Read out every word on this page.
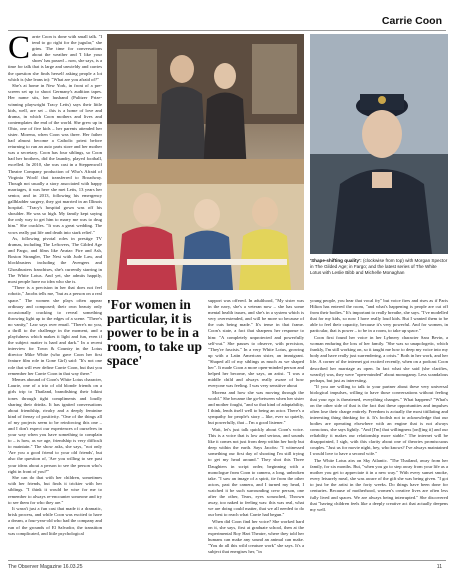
Carrie Coon
C arrie Coon is done with small talk. "I tend to go right for the jugular," she grins. The time for conversations about the weather and 'I like your shoes' has passed – now, she says, is a time for talk that is large and unwieldy and carries the question she finds herself asking people a lot which is (she leans in): "What are you afraid of?"

She's at home in New York, in front of a pre-screen set up to shoot Germany's audition tapes. Her name sits, her husband (Pulitzer Prize-winning playwright Tracy Letts) says their little kids, well, are set – this is a home of love and drama, in which Coon mothers and lives and contemplates the end of the world. She grew up in Ohio, one of five kids – her parents attended her sister. Morena, when Coon was three. Her father had almost become a Catholic priest before returning to run an auto parts store and her mother was a secretary. Coon has four siblings, so Coon had her brothers, did the laundry, played football, excelled. In 2010, she was cast in a Steppenwolf Theatre Company production of Who's Afraid of Virginia Woolf that transferred to Broadway. Though not usually a story associated with happy marriages, it was here she met Letts, 13 years her senior, and in 2013, following his emergency gallbladder surgery, they got married in an Illinois hospital. "Tracy's hospital gown was off his shoulder. He was so high. My family kept saying the only way to get him to marry me was to drug him." She crackles. "It was a great wedding. The vows really put life and death into stark relief."

As, following pivotal roles in prestige TV dramas, including The Leftovers, The Gilded Age and Fargo, and films like Avatar: Fire and Ash, Boston Strangler, The Nest with Jude Law, and blockbusters including the Avengers and Ghostbusters franchises, she's currently starring in The White Lotus. And yet, she admits happily, most people have no idea who she is.

"There is a precision in her that does not feel robotic," Jacobs tells me, "but as a person on a real space." The women she plays often appear ordinary and composed; their own beauty only occasionally cracking to reveal something throwing light up to the edges of a scene. "There's no vanity," Law says over email. "There's no you, a thrill to the challenge in the moment, and a playfulness which makes it light and fun, even if the subject matter is hard and dark." In a recent interview for Town & Country in the Lotus director Mike White (who gave Coon her first feature film role in Gone Girl) said: "It's not one role that will ever define Carrie Coon, but that you remember her Carrie Coon in that way there."

Memes abound of Coon's White Lotus character, Laurie, one of a trio of old blonde friends on a girls trip to Thailand, brandishing their bikini tones through tight compliments and loudly sharing their drinks. It has ignited conversations about friendship, rivalry and a deeply feminine kind of frenzy of positivity. "One of the things all of my projects seem to be reinforcing this one – and I don't expect our experiences of ourselves in your way when you have something to complain to – is how, as we age, friendship is very difficult to maintain." The show asks, she says, "not only 'Are you a good friend to your old friends', but also the question of, 'Are you willing to see past your ideas about a person to see the person who's right in front of you?'"

She can do that with her children, sometimes with her friends, but finds it trickier with her siblings. "I think it would be wise for me to remember to always re-encounter someone and try to see them for who they are."

It wasn't just a fun cast that made it a dramatic, brisk process, and while Coon was excited to have a dream, a four-year-old who had the company and run of the grounds of El Salvador, the transition was complicated, and little psychological

'Shape-shifting quality': (clockwise from top) with Morgan Spector in The Gilded Age; in Fargo; and the latest series of The White Lotus with Leslie Bibb and Michelle Monaghan
'For women in particular, it is power to be in a room, to take up space'

support was offered. In adulthood, "My sister was in the navy, she's a veteran now – she has some mental health issues, and she's in a system which is very overextended, and will be more so because of the cuts being made." It's tense in that frame. Coon's state, a fact that sharpens her response to him: "A completely unprotected and powerfully self-out." She pauses to observe, with precision, "They're fascists." In a very White Lotus, growing up with a Latin American sister, an immigrant. "Shaped all of my siblings as much as we shaped her". It made Coon a more open-minded person and helped her become, she says, an artist. "I was a middle child and always really aware of how everyone was feeling. I was very sensitive about

Morena and how she was moving through the world." She became the go-between when her sister and mother fought, "and so that kind of adaptability, I think, lends itself well to being an actor. There's a sympathy for people's story – like, ever so quietly, but powerfully, that – I'm a good listener."

Wait, let's just talk quickly about Coon's voice. This is a voice that is low and serious, and sounds like it comes not just from deep within her body but deep within the earth. Says Jacobs: "I witnessed something our first day of shooting I'm still trying to get my head around." They shot this Three Daughters in script order, beginning with a monologue from Coon to camera, a long, unbroken take. "I saw an image of a spirit, tie from the other actors, past the camera, and I turned my head, I watched it be such surrounding crew person, one after the other, Tears, eyes scrunched, Thrown away, too naked to feeling was: this was real, what we are doing could matter, that we all needed to do our best to reach what Carrie had begun."

When did Coon find her voice? She worked hard on it, she says, first at graduate school, then at the experimental Roy Hart Theatre, where they told her humans can make any sound an animal can make. "You do all this wild creature work" she says. It's a subject that energises her, "in

young people, you hear that vocal fry" but voice fires and rises as if Paris Hilton has entered the room, "and what's happening is people are cut off from their bodies." It's important to really breathe, she says. "I've modelled that for my kids, so now I have really loud kids. But I wanted them to be able to feel their capacity, because it's very powerful. And for women, in particular, that is power – to be in a room, to take up space."

Coon first found her voice in her Lybnery character Sara Bevin, a woman enduring the loss of her family. "She was so unapologetic, which frankly, I'm still working on, so it taught me how to deep my voice into my body and have really just surrendering, a crisis." Both in her work, and her life. A corner of the internet got excited recently, when on a podcast Coon described her marriage as open. In fact what she said (she clarifies, wearily) was, they were "open-minded" about monogamy. Less scandalous perhaps, but just as interesting.

"If you are willing to talk to your partner about these very universal biological impulses, willing to have those conversations without feeling that your ego is threatened, everything changes." What happens? "What's on the other side of that is the fact that these opportunities and impulses often lose their charge entirely. Freedom is actually the most titillating and interesting thing thinking for it. It's foolish not to acknowledge that our bodies are operating elsewhere with an engine that is not always conscious, she says lightly. "And [I'm] that willingness [on][ing it] and our reliability it makes our relationship more stable." The internet will be disappointed, I sigh, with this clarity about one of theories promiscuous couples. "Just us for movie night, hey, who knows? I've always maintained I would love to have a second wife."

The White Lotus airs on Sky Atlantic. "The Thailand, away from her family, for six months. But, "when you go to step away from your life as a mother you get to appreciate it in a new way." With every sunset smoke, every leisurely meal, she was aware of the gift she was being given. "I got to just be the artist in the forty weeks. Do things have been done for centuries. Because of motherhood, women's creative lives are often less fully lived and spaces. We are always being interrupted." She discovered that "having children feels like a deeply creative act that actually deepens my well.

The Observer Magazine 16.03.25	11
